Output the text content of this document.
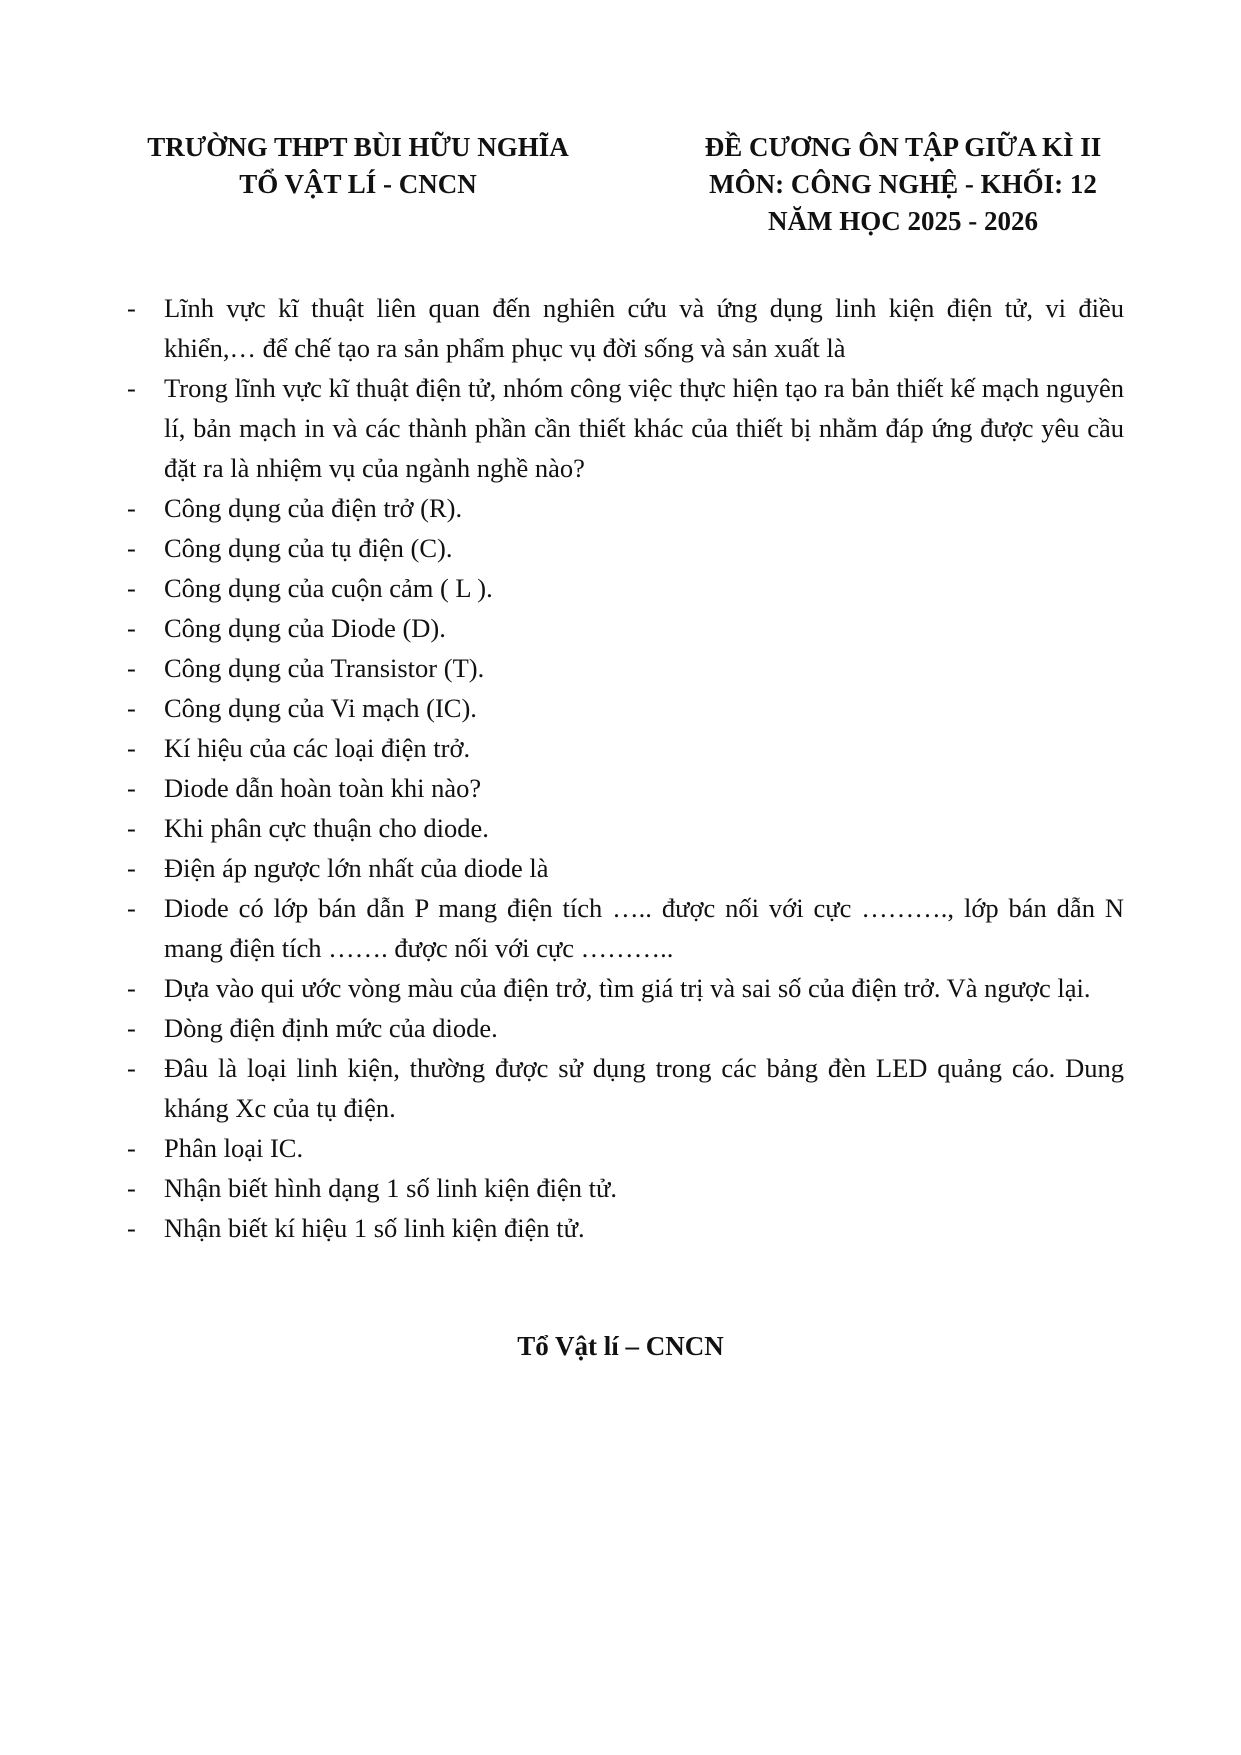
TRƯỜNG THPT BÙI HỮU NGHĨA
TỔ VẬT LÍ - CNCN
ĐỀ CƯƠNG ÔN TẬP GIỮA KÌ II
MÔN: CÔNG NGHỆ - KHỐI: 12
NĂM HỌC 2025 - 2026
- Lĩnh vực kĩ thuật liên quan đến nghiên cứu và ứng dụng linh kiện điện tử, vi điều khiển,… để chế tạo ra sản phẩm phục vụ đời sống và sản xuất là
- Trong lĩnh vực kĩ thuật điện tử, nhóm công việc thực hiện tạo ra bản thiết kế mạch nguyên lí, bản mạch in và các thành phần cần thiết khác của thiết bị nhằm đáp ứng được yêu cầu đặt ra là nhiệm vụ của ngành nghề nào?
- Công dụng của điện trở (R).
- Công dụng của tụ điện (C).
- Công dụng của cuộn cảm ( L ).
- Công dụng của Diode (D).
- Công dụng của Transistor (T).
- Công dụng của Vi mạch (IC).
- Kí hiệu của các loại điện trở.
- Diode dẫn hoàn toàn khi nào?
- Khi phân cực thuận cho diode.
- Điện áp ngược lớn nhất của diode là
- Diode có lớp bán dẫn P mang điện tích ….. được nối với cực ………., lớp bán dẫn N mang điện tích ……. được nối với cực ………..
- Dựa vào qui ước vòng màu của điện trở, tìm giá trị và sai số của điện trở. Và ngược lại.
- Dòng điện định mức của diode.
- Đâu là loại linh kiện, thường được sử dụng trong các bảng đèn LED quảng cáo. Dung kháng Xc của tụ điện.
- Phân loại IC.
- Nhận biết hình dạng 1 số linh kiện điện tử.
- Nhận biết kí hiệu 1 số linh kiện điện tử.
Tổ Vật lí – CNCN
